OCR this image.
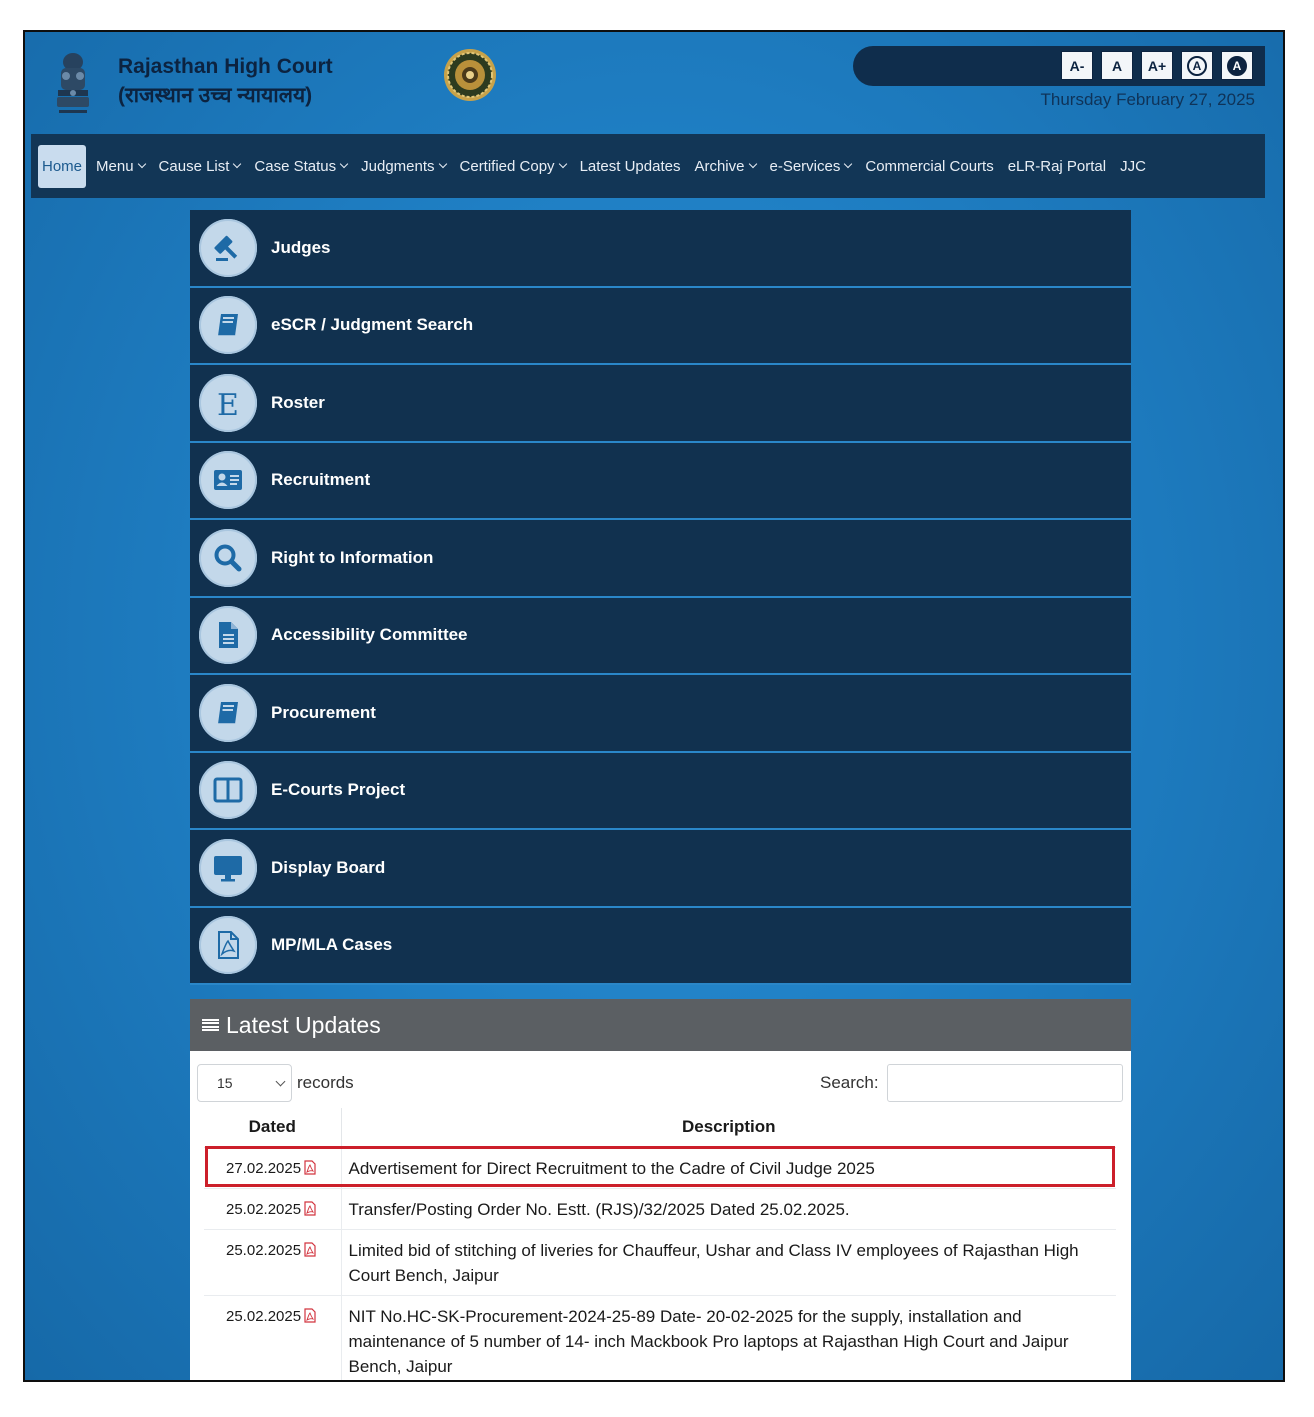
Rajasthan High Court
(राजस्थान उच्च न्यायालय)
A-	A	A+	A	A
Thursday February 27, 2025
Home Menu Cause List Case Status Judgments Certified Copy Latest Updates Archive e-Services Commercial Courts eLR-Raj Portal JJC
Judges
eSCR / Judgment Search
E Roster
Recruitment
Right to Information
Accessibility Committee
Procurement
E-Courts Project
Display Board
MP/MLA Cases
Latest Updates
15	records	Search:
Dated	Description
27.02.2025	Advertisement for Direct Recruitment to the Cadre of Civil Judge 2025
25.02.2025	Transfer/Posting Order No. Estt. (RJS)/32/2025 Dated 25.02.2025.
25.02.2025	Limited bid of stitching of liveries for Chauffeur, Ushar and Class IV employees of Rajasthan High Court Bench, Jaipur
25.02.2025	NIT No.HC-SK-Procurement-2024-25-89 Date- 20-02-2025 for the supply, installation and maintenance of 5 number of 14- inch Mackbook Pro laptops at Rajasthan High Court and Jaipur Bench, Jaipur
